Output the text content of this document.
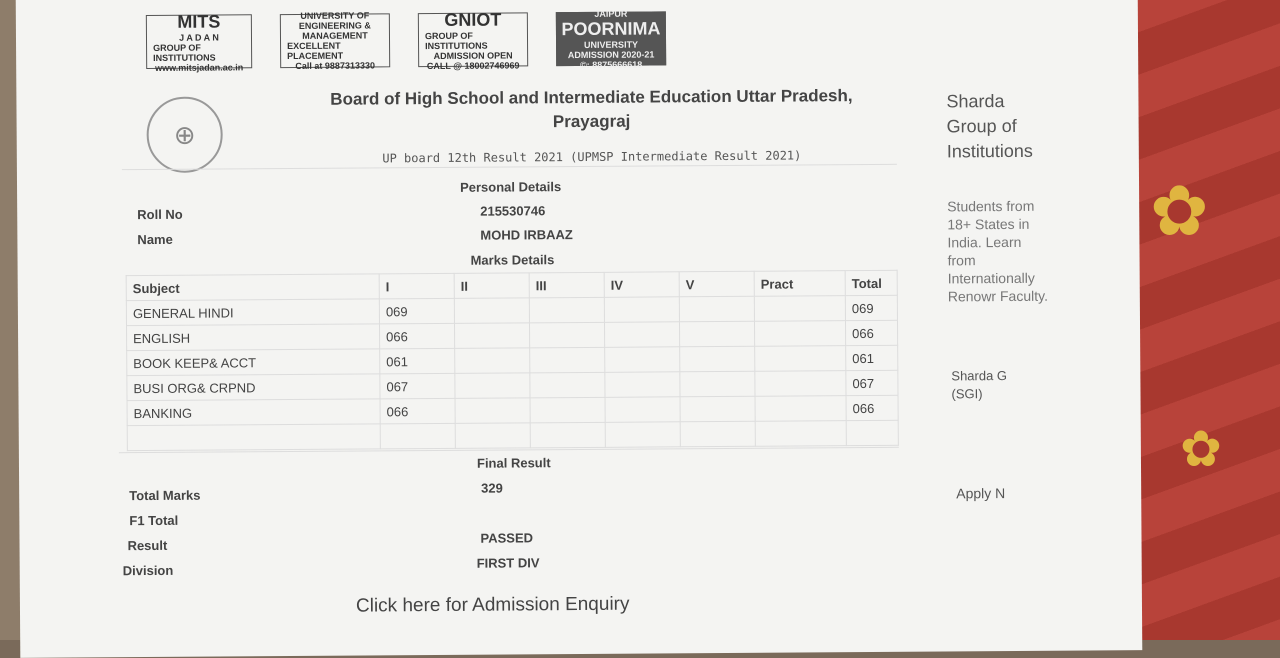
✿
✿
MITS
J A D A N
GROUP OF INSTITUTIONS
www.mitsjadan.ac.in
UNIVERSITY OF
ENGINEERING &
MANAGEMENT
EXCELLENT PLACEMENT
Call at 9887313330
GNIOT
GROUP OF INSTITUTIONS
ADMISSION OPEN
CALL @ 18002746969
JAIPUR
POORNIMA
UNIVERSITY
ADMISSION 2020-21
©: 8875666618
⊕
Board of High School and Intermediate Education Uttar Pradesh,
Prayagraj
UP board 12th Result 2021 (UPMSP Intermediate Result 2021)
Personal Details
Roll No	215530746
Name	MOHD IRBAAZ
Marks Details
Subject	I	II	III	IV	V	Pract	Total
GENERAL HINDI	069						069
ENGLISH	066						066
BOOK KEEP& ACCT	061						061
BUSI ORG& CRPND	067						067
BANKING	066						066

Final Result
Total Marks	329
F1 Total
Result	PASSED
Division	FIRST DIV
Click here for Admission Enquiry
Sharda Group of Institutions
Students from 18+ States in India. Learn from Internationally Renowr Faculty.
Sharda G (SGI)
Apply N
